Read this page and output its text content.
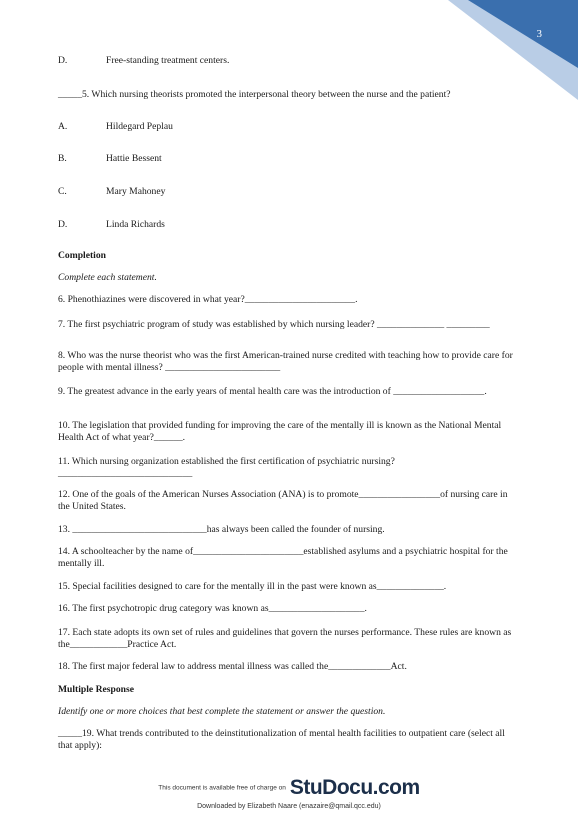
3
D.	Free-standing treatment centers.
_____5. Which nursing theorists promoted the interpersonal theory between the nurse and the patient?
A.	Hildegard Peplau
B.	Hattie Bessent
C.	Mary Mahoney
D.	Linda Richards
Completion
Complete each statement.
6. Phenothiazines were discovered in what year?_______________________.
7. The first psychiatric program of study was established by which nursing leader? ______________ _________
8. Who was the nurse theorist who was the first American-trained nurse credited with teaching how to provide care for people with mental illness? ________________________
9. The greatest advance in the early years of mental health care was the introduction of ___________________.
10. The legislation that provided funding for improving the care of the mentally ill is known as the National Mental Health Act of what year?______.
11. Which nursing organization established the first certification of psychiatric nursing? ____________________________
12. One of the goals of the American Nurses Association (ANA) is to promote_________________of nursing care in the United States.
13. ____________________________has always been called the founder of nursing.
14. A schoolteacher by the name of_______________________established asylums and a psychiatric hospital for the mentally ill.
15. Special facilities designed to care for the mentally ill in the past were known as______________.
16. The first psychotropic drug category was known as____________________.
17. Each state adopts its own set of rules and guidelines that govern the nurses performance. These rules are known as the____________Practice Act.
18. The first major federal law to address mental illness was called the_____________Act.
Multiple Response
Identify one or more choices that best complete the statement or answer the question.
_____19. What trends contributed to the deinstitutionalization of mental health facilities to outpatient care (select all that apply):
This document is available free of charge on StuDocu.com
Downloaded by Elizabeth Naare (enazaire@qmail.qcc.edu)
